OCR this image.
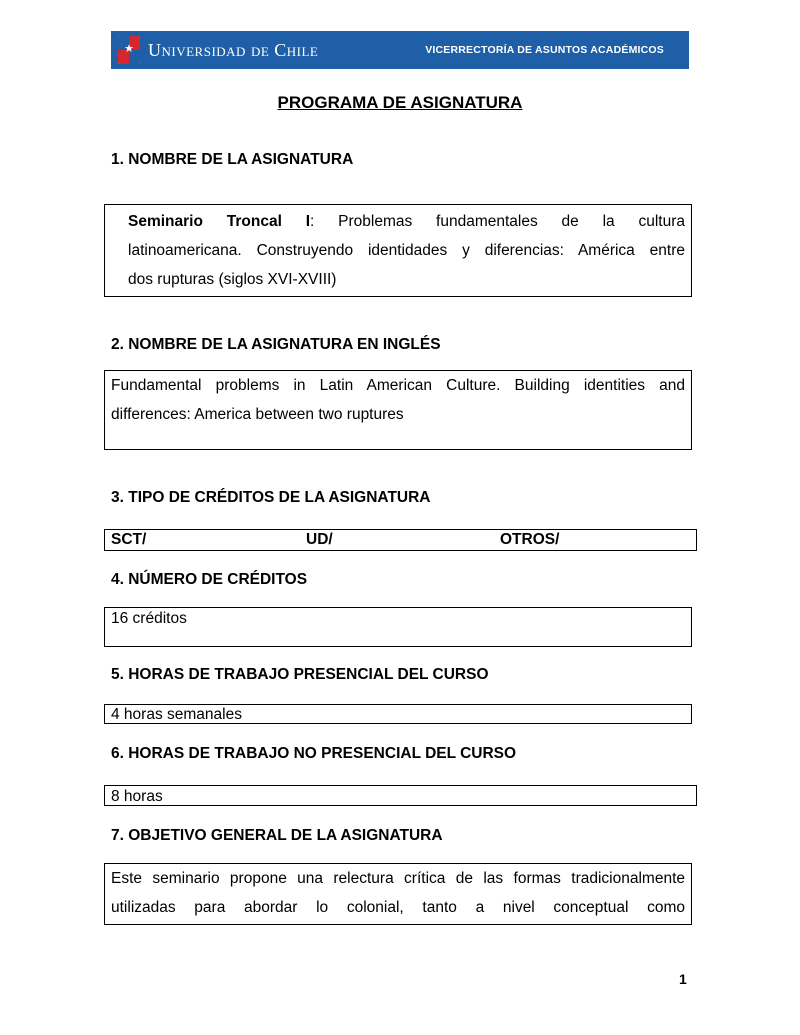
★ Universidad de Chile	VICERRECTORÍA DE ASUNTOS ACADÉMICOS
PROGRAMA DE ASIGNATURA
1. NOMBRE DE LA ASIGNATURA
Seminario Troncal I: Problemas fundamentales de la cultura
latinoamericana. Construyendo identidades y diferencias: América entre
dos rupturas (siglos XVI-XVIII)
2. NOMBRE DE LA ASIGNATURA EN INGLÉS
Fundamental problems in Latin American Culture. Building identities and
differences: America between two ruptures
3. TIPO DE CRÉDITOS DE LA ASIGNATURA
SCT/	UD/	OTROS/
4. NÚMERO DE CRÉDITOS
16 créditos
5. HORAS DE TRABAJO PRESENCIAL DEL CURSO
4 horas semanales
6. HORAS DE TRABAJO NO PRESENCIAL DEL CURSO
8 horas
7. OBJETIVO GENERAL DE LA ASIGNATURA
Este seminario propone una relectura crítica de las formas tradicionalmente
utilizadas para abordar lo colonial, tanto a nivel conceptual como
1
